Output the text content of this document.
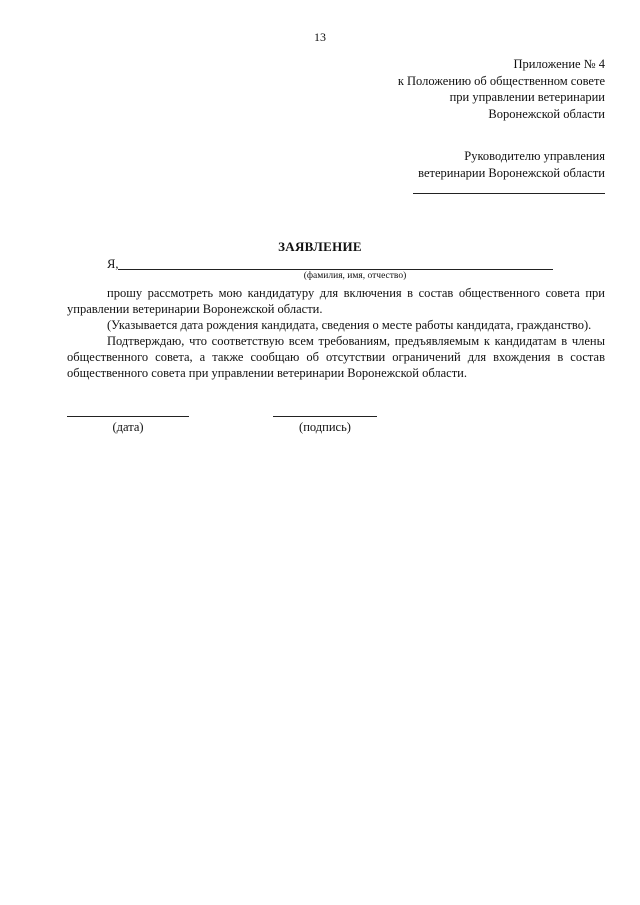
13
Приложение № 4
к Положению об общественном совете
при управлении ветеринарии
Воронежской области
Руководителю управления
ветеринарии Воронежской области
ЗАЯВЛЕНИЕ
Я,
(фамилия, имя, отчество)

прошу рассмотреть мою кандидатуру для включения в состав общественного совета при управлении ветеринарии Воронежской области.

(Указывается дата рождения кандидата, сведения о месте работы кандидата, гражданство).

Подтверждаю, что соответствую всем требованиям, предъявляемым к кандидатам в члены общественного совета, а также сообщаю об отсутствии ограничений для вхождения в состав общественного совета при управлении ветеринарии Воронежской области.

(дата)	(подпись)
